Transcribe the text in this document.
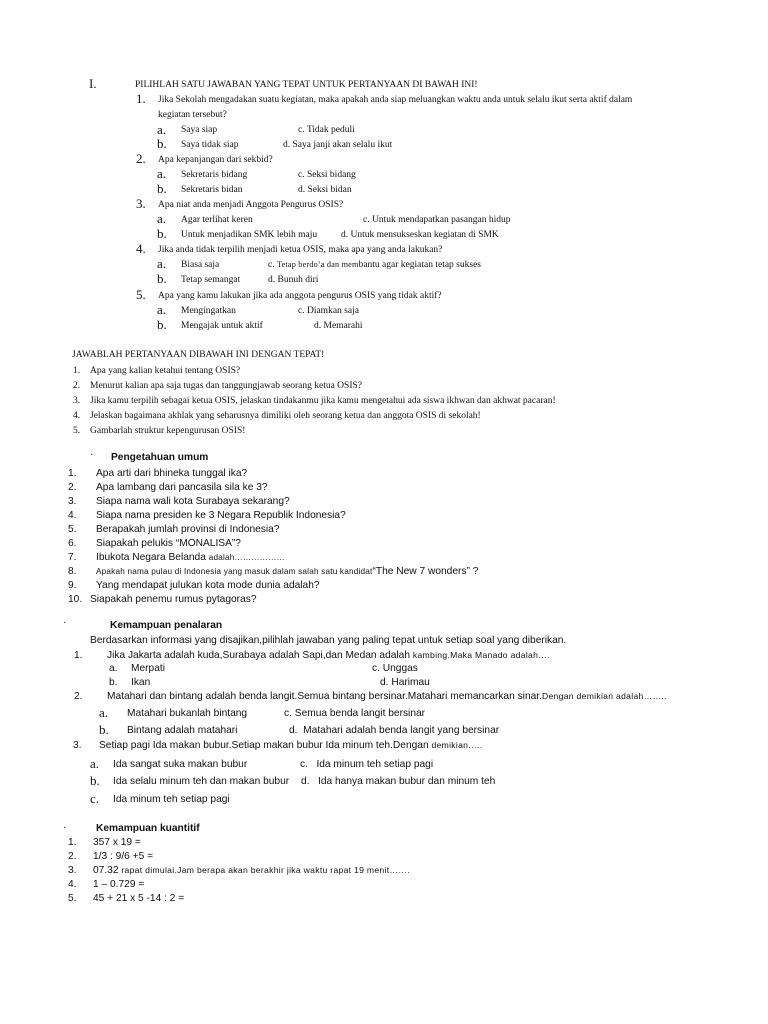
I.	PILIHLAH SATU JAWABAN YANG TEPAT UNTUK PERTANYAAN DI BAWAH INI!
1. Jika Sekolah mengadakan suatu kegiatan, maka apakah anda siap meluangkan waktu anda untuk selalu ikut serta aktif dalam
kegiatan tersebut?
a. Saya siap	c. Tidak peduli
b. Saya tidak siap	d. Saya janji akan selalu ikut
2. Apa kepanjangan dari sekbid?
a. Sekretaris bidang	c. Seksi bidang
b. Sekretaris bidan	d. Seksi bidan
3. Apa niat anda menjadi Anggota Pengurus OSIS?
a. Agar terlihat keren	c. Untuk mendapatkan pasangan hidup
b. Untuk menjadikan SMK lebih maju	d. Untuk mensukseskan kegiatan di SMK
4. Jika anda tidak terpilih menjadi ketua OSIS, maka apa yang anda lakukan?
a. Biasa saja	c. Tetap berdo’a dan membantu agar kegiatan tetap sukses
b. Tetap semangat	d. Bunuh diri
5. Apa yang kamu lakukan jika ada anggota pengurus OSIS yang tidak aktif?
a. Mengingatkan	c. Diamkan saja
b. Mengajak untuk aktif	d. Memarahi
JAWABLAH PERTANYAAN DIBAWAH INI DENGAN TEPAT!
1. Apa yang kalian ketahui tentang OSIS?
2. Menurut kalian apa saja tugas dan tanggungjawab seorang ketua OSIS?
3. Jika kamu terpilih sebagai ketua OSIS, jelaskan tindakanmu jika kamu mengetahui ada siswa ikhwan dan akhwat pacaran!
4. Jelaskan bagaimana akhlak yang seharusnya dimiliki oleh seorang ketua dan anggota OSIS di sekolah!
5. Gambarlah struktur kepengurusan OSIS!
· Pengetahuan umum
1. Apa arti dari bhineka tunggal ika?
2. Apa lambang dari pancasila sila ke 3?
3. Siapa nama wali kota Surabaya sekarang?
4. Siapa nama presiden ke 3 Negara Republik Indonesia?
5. Berapakah jumlah provinsi di Indonesia?
6. Siapakah pelukis “MONALISA”?
7. Ibukota Negara Belanda adalah………………
8. Apakah nama pulau di Indonesia yang masuk dalam salah satu kandidat“The New 7 wonders” ?
9. Yang mendapat julukan kota mode dunia adalah?
10. Siapakah penemu rumus pytagoras?
·	Kemampuan penalaran
Berdasarkan informasi yang disajikan,pilihlah jawaban yang paling tepat untuk setiap soal yang diberikan.
1. Jika Jakarta adalah kuda,Surabaya adalah Sapi,dan Medan adalah kambing.Maka Manado adalah….
a. Merpati	c. Unggas
b. Ikan	d. Harimau
2. Matahari dan bintang adalah benda langit.Semua bintang bersinar.Matahari memancarkan sinar.Dengan demikian adalah……..
a. Matahari bukanlah bintang	c. Semua benda langit bersinar
b. Bintang adalah matahari	d. Matahari adalah benda langit yang bersinar
3. Setiap pagi Ida makan bubur.Setiap makan bubur Ida minum teh.Dengan demikian.….
a. Ida sangat suka makan bubur	c. Ida minum teh setiap pagi
b. Ida selalu minum teh dan makan bubur d. Ida hanya makan bubur dan minum teh
c. Ida minum teh setiap pagi
·	Kemampuan kuantitif
1. 357 x 19 =
2. 1/3 : 9/6 +5 =
3. 07.32 rapat dimulai.Jam berapa akan berakhir jika waktu rapat 19 menit…….
4. 1 – 0.729 =
5. 45 + 21 x 5 -14 : 2 =
